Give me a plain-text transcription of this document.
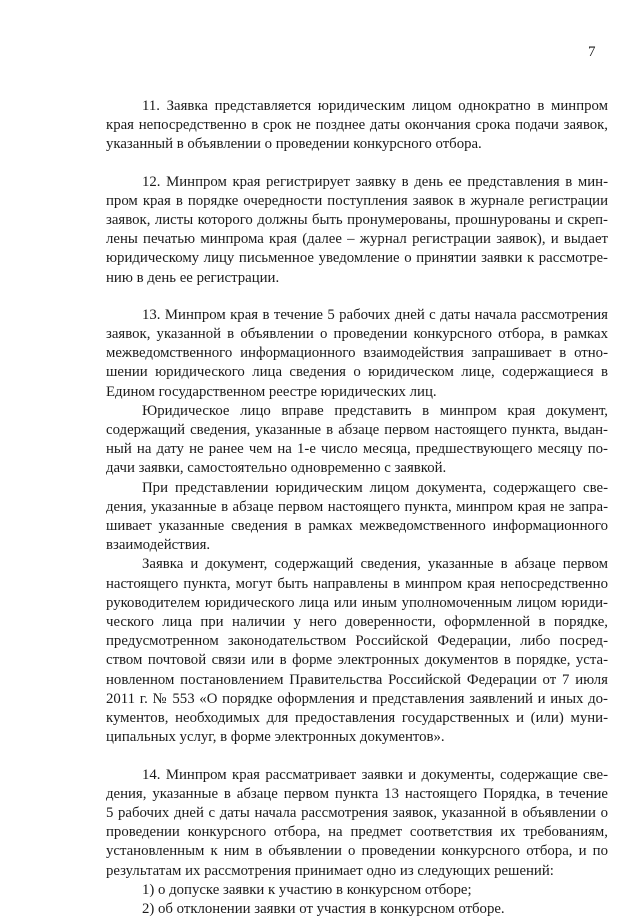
7

11. Заявка представляется юридическим лицом однократно в минпром
края непосредственно в срок не позднее даты окончания срока подачи заявок,
указанный в объявлении о проведении конкурсного отбора.

12. Минпром края регистрирует заявку в день ее представления в мин-
пром края в порядке очередности поступления заявок в журнале регистрации
заявок, листы которого должны быть пронумерованы, прошнурованы и скреп-
лены печатью минпрома края (далее – журнал регистрации заявок), и выдает
юридическому лицу письменное уведомление о принятии заявки к рассмотре-
нию в день ее регистрации.

13. Минпром края в течение 5 рабочих дней с даты начала рассмотрения
заявок, указанной в объявлении о проведении конкурсного отбора, в рамках
межведомственного информационного взаимодействия запрашивает в отно-
шении юридического лица сведения о юридическом лице, содержащиеся в
Едином государственном реестре юридических лиц.

Юридическое лицо вправе представить в минпром края документ,
содержащий сведения, указанные в абзаце первом настоящего пункта, выдан-
ный на дату не ранее чем на 1-е число месяца, предшествующего месяцу по-
дачи заявки, самостоятельно одновременно с заявкой.

При представлении юридическим лицом документа, содержащего све-
дения, указанные в абзаце первом настоящего пункта, минпром края не запра-
шивает указанные сведения в рамках межведомственного информационного
взаимодействия.

Заявка и документ, содержащий сведения, указанные в абзаце первом
настоящего пункта, могут быть направлены в минпром края непосредственно
руководителем юридического лица или иным уполномоченным лицом юриди-
ческого лица при наличии у него доверенности, оформленной в порядке,
предусмотренном законодательством Российской Федерации, либо посред-
ством почтовой связи или в форме электронных документов в порядке, уста-
новленном постановлением Правительства Российской Федерации от 7 июля
2011 г. № 553 «О порядке оформления и представления заявлений и иных до-
кументов, необходимых для предоставления государственных и (или) муни-
ципальных услуг, в форме электронных документов».

14. Минпром края рассматривает заявки и документы, содержащие све-
дения, указанные в абзаце первом пункта 13 настоящего Порядка, в течение
5 рабочих дней с даты начала рассмотрения заявок, указанной в объявлении о
проведении конкурсного отбора, на предмет соответствия их требованиям,
установленным к ним в объявлении о проведении конкурсного отбора, и по
результатам их рассмотрения принимает одно из следующих решений:

1) о допуске заявки к участию в конкурсном отборе;

2) об отклонении заявки от участия в конкурсном отборе.
